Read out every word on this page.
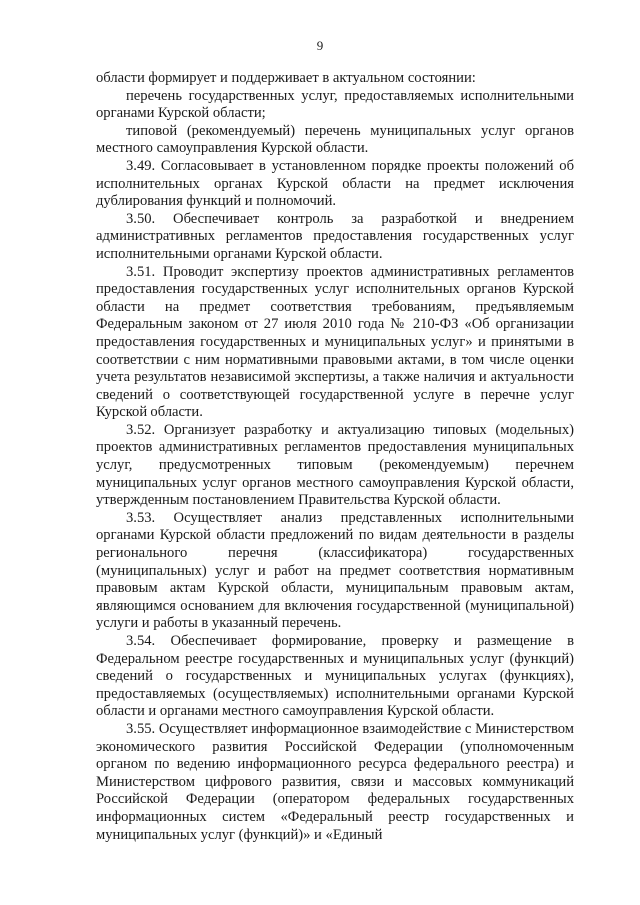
9

области формирует и поддерживает в актуальном состоянии:

перечень государственных услуг, предоставляемых исполнительными органами Курской области;

типовой (рекомендуемый) перечень муниципальных услуг органов местного самоуправления Курской области.

3.49. Согласовывает в установленном порядке проекты положений об исполнительных органах Курской области на предмет исключения дублирования функций и полномочий.

3.50. Обеспечивает контроль за разработкой и внедрением административных регламентов предоставления государственных услуг исполнительными органами Курской области.

3.51. Проводит экспертизу проектов административных регламентов предоставления государственных услуг исполнительных органов Курской области на предмет соответствия требованиям, предъявляемым Федеральным законом от 27 июля 2010 года № 210-ФЗ «Об организации предоставления государственных и муниципальных услуг» и принятыми в соответствии с ним нормативными правовыми актами, в том числе оценки учета результатов независимой экспертизы, а также наличия и актуальности сведений о соответствующей государственной услуге в перечне услуг Курской области.

3.52. Организует разработку и актуализацию типовых (модельных) проектов административных регламентов предоставления муниципальных услуг, предусмотренных типовым (рекомендуемым) перечнем муниципальных услуг органов местного самоуправления Курской области, утвержденным постановлением Правительства Курской области.

3.53. Осуществляет анализ представленных исполнительными органами Курской области предложений по видам деятельности в разделы регионального перечня (классификатора) государственных (муниципальных) услуг и работ на предмет соответствия нормативным правовым актам Курской области, муниципальным правовым актам, являющимся основанием для включения государственной (муниципальной) услуги и работы в указанный перечень.

3.54. Обеспечивает формирование, проверку и размещение в Федеральном реестре государственных и муниципальных услуг (функций) сведений о государственных и муниципальных услугах (функциях), предоставляемых (осуществляемых) исполнительными органами Курской области и органами местного самоуправления Курской области.

3.55. Осуществляет информационное взаимодействие с Министерством экономического развития Российской Федерации (уполномоченным органом по ведению информационного ресурса федерального реестра) и Министерством цифрового развития, связи и массовых коммуникаций Российской Федерации (оператором федеральных государственных информационных систем «Федеральный реестр государственных и муниципальных услуг (функций)» и «Единый
